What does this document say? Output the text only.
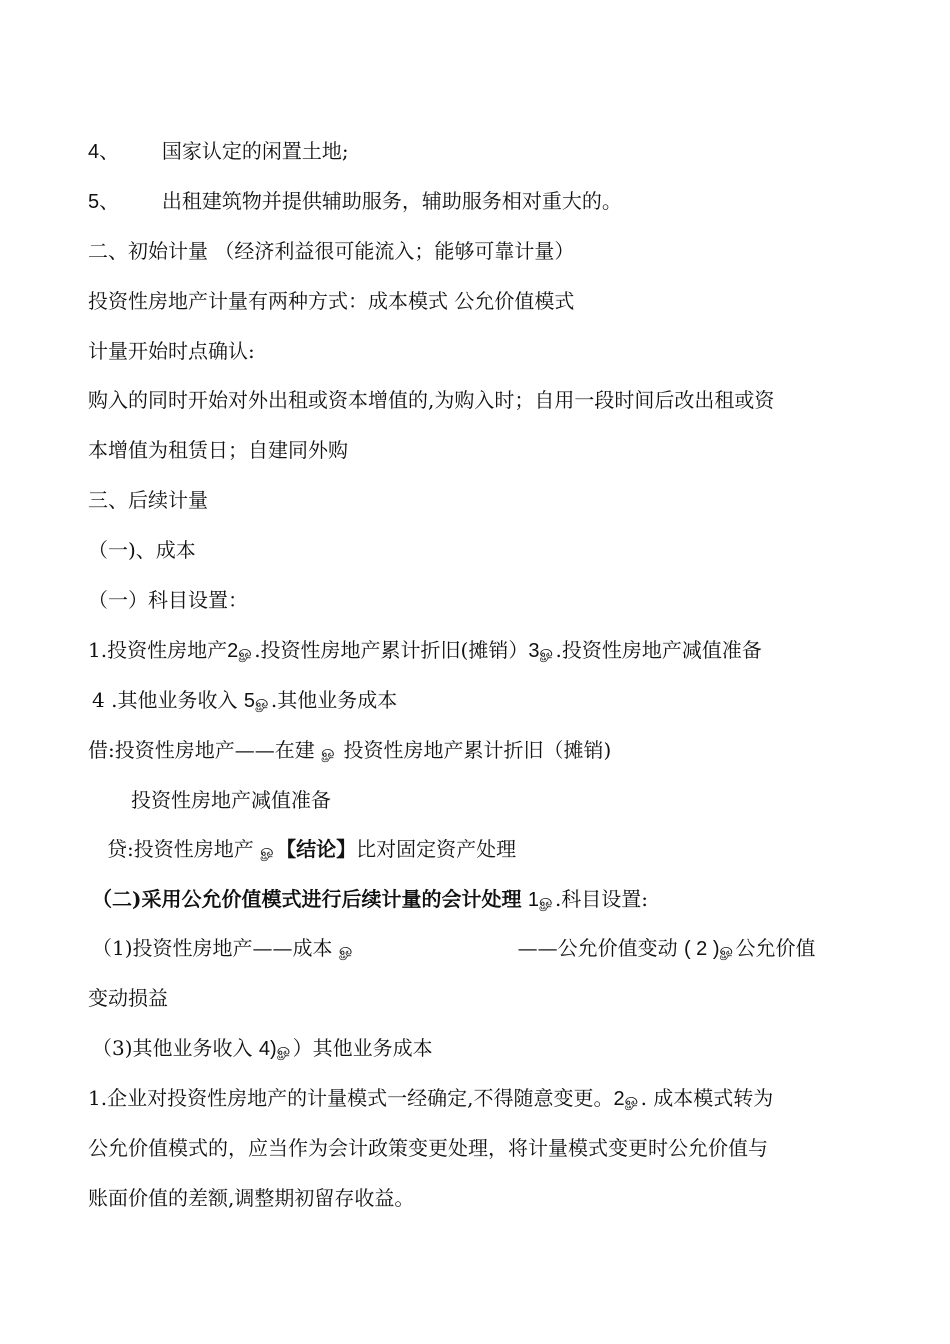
4、 国家认定的闲置土地;
5、 出租建筑物并提供辅助服务，辅助服务相对重大的。
二、初始计量 （经济利益很可能流入；能够可靠计量）
投资性房地产计量有两种方式：成本模式 公允价值模式
计量开始时点确认:
购入的同时开始对外出租或资本增值的,为购入时；自用一段时间后改出租或资
本增值为租赁日；自建同外购
三、后续计量
（一)、成本
（一）科目设置：
1.投资性房地产2ௐ.投资性房地产累计折旧(摊销）3ௐ.投资性房地产减值准备
4 .其他业务收入 5ௐ.其他业务成本
借:投资性房地产——在建 ௐ 投资性房地产累计折旧（摊销)
投资性房地产减值准备
贷:投资性房地产 ௐ【结论】比对固定资产处理
（二)采用公允价值模式进行后续计量的会计处理 1ௐ.科目设置:
（1)投资性房地产——成本 ௐ	——公允价值变动 ( 2 )ௐ公允价值
变动损益
（3)其他业务收入 4)ௐ）其他业务成本
1.企业对投资性房地产的计量模式一经确定,不得随意变更。2ௐ. 成本模式转为
公允价值模式的，应当作为会计政策变更处理，将计量模式变更时公允价值与
账面价值的差额,调整期初留存收益。
